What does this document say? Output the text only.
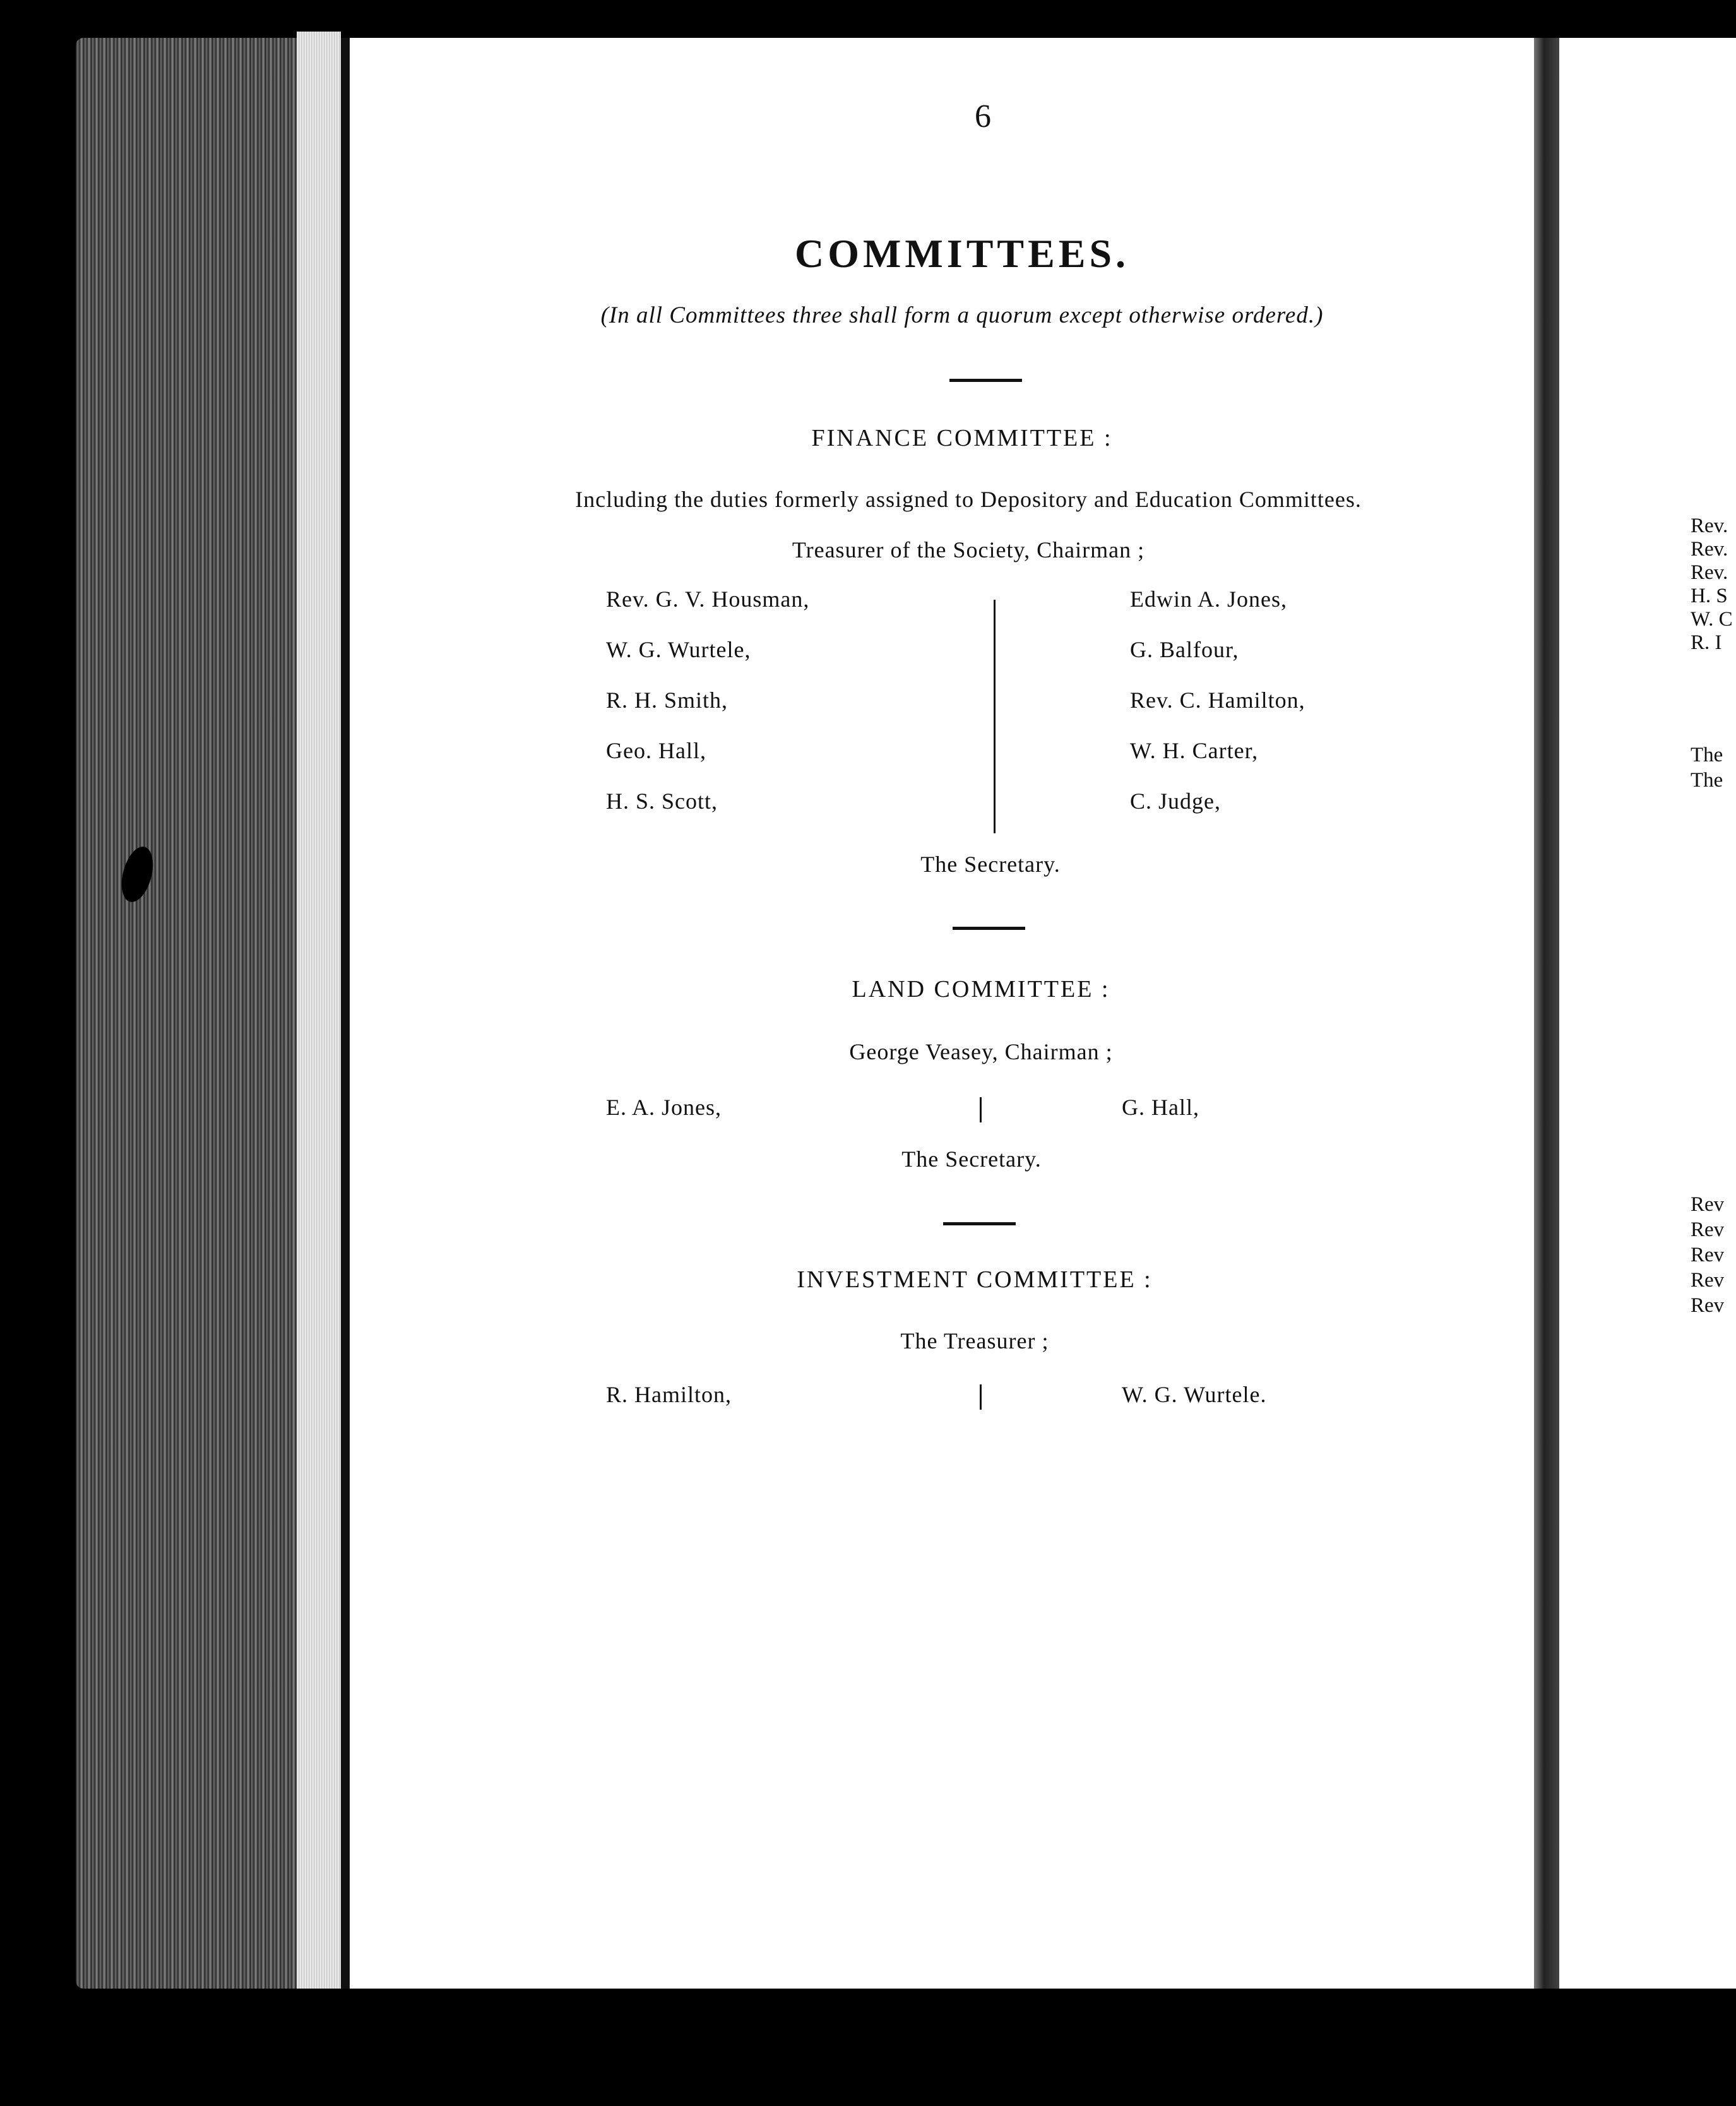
6
COMMITTEES.
(In all Committees three shall form a quorum except otherwise ordered.)
FINANCE COMMITTEE :
Including the duties formerly assigned to Depository and Education Committees.
Treasurer of the Society, Chairman ;
Rev. G. V. Housman,
W. G. Wurtele,
R. H. Smith,
Geo. Hall,
H. S. Scott,
Edwin A. Jones,
G. Balfour,
Rev. C. Hamilton,
W. H. Carter,
C. Judge,
The Secretary.
LAND COMMITTEE :
George Veasey, Chairman ;
E. A. Jones,	G. Hall,
The Secretary.
INVESTMENT COMMITTEE :
The Treasurer ;
R. Hamilton,	W. G. Wurtele.
Rev.
Rev.
Rev.
H. S
W. C
R. I
The
The
Rev
Rev
Rev
Rev
Rev
